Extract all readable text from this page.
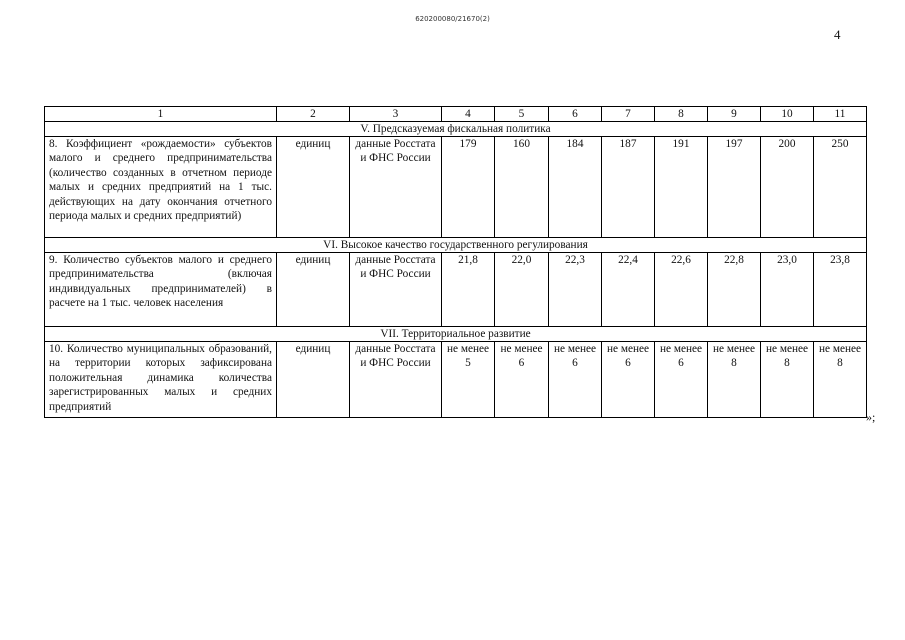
620200080/21670(2)
4
1	2	3	4	5	6	7	8	9	10	11
V. Предсказуемая фискальная политика										
8. Коэффициент «рождаемости» субъектов малого и среднего предпринимательства (количество созданных в отчетном периоде малых и средних предприятий на 1 тыс. действующих на дату окончания отчетного периода малых и средних предприятий)	единиц	данные Росстата и ФНС России	179	160	184	187	191	197	200	250
VI. Высокое качество государственного регулирования										
9. Количество субъектов малого и среднего предпринимательства (включая индивидуальных предпринимателей) в расчете на 1 тыс. человек населения	единиц	данные Росстата и ФНС России	21,8	22,0	22,3	22,4	22,6	22,8	23,0	23,8
VII. Территориальное развитие										
10. Количество муниципальных образований, на территории которых зафиксирована положительная динамика количества зарегистрированных малых и средних предприятий	единиц	данные Росстата и ФНС России	не менее 5	не менее 6	не менее 6	не менее 6	не менее 6	не менее 8	не менее 8	не менее 8
»;
